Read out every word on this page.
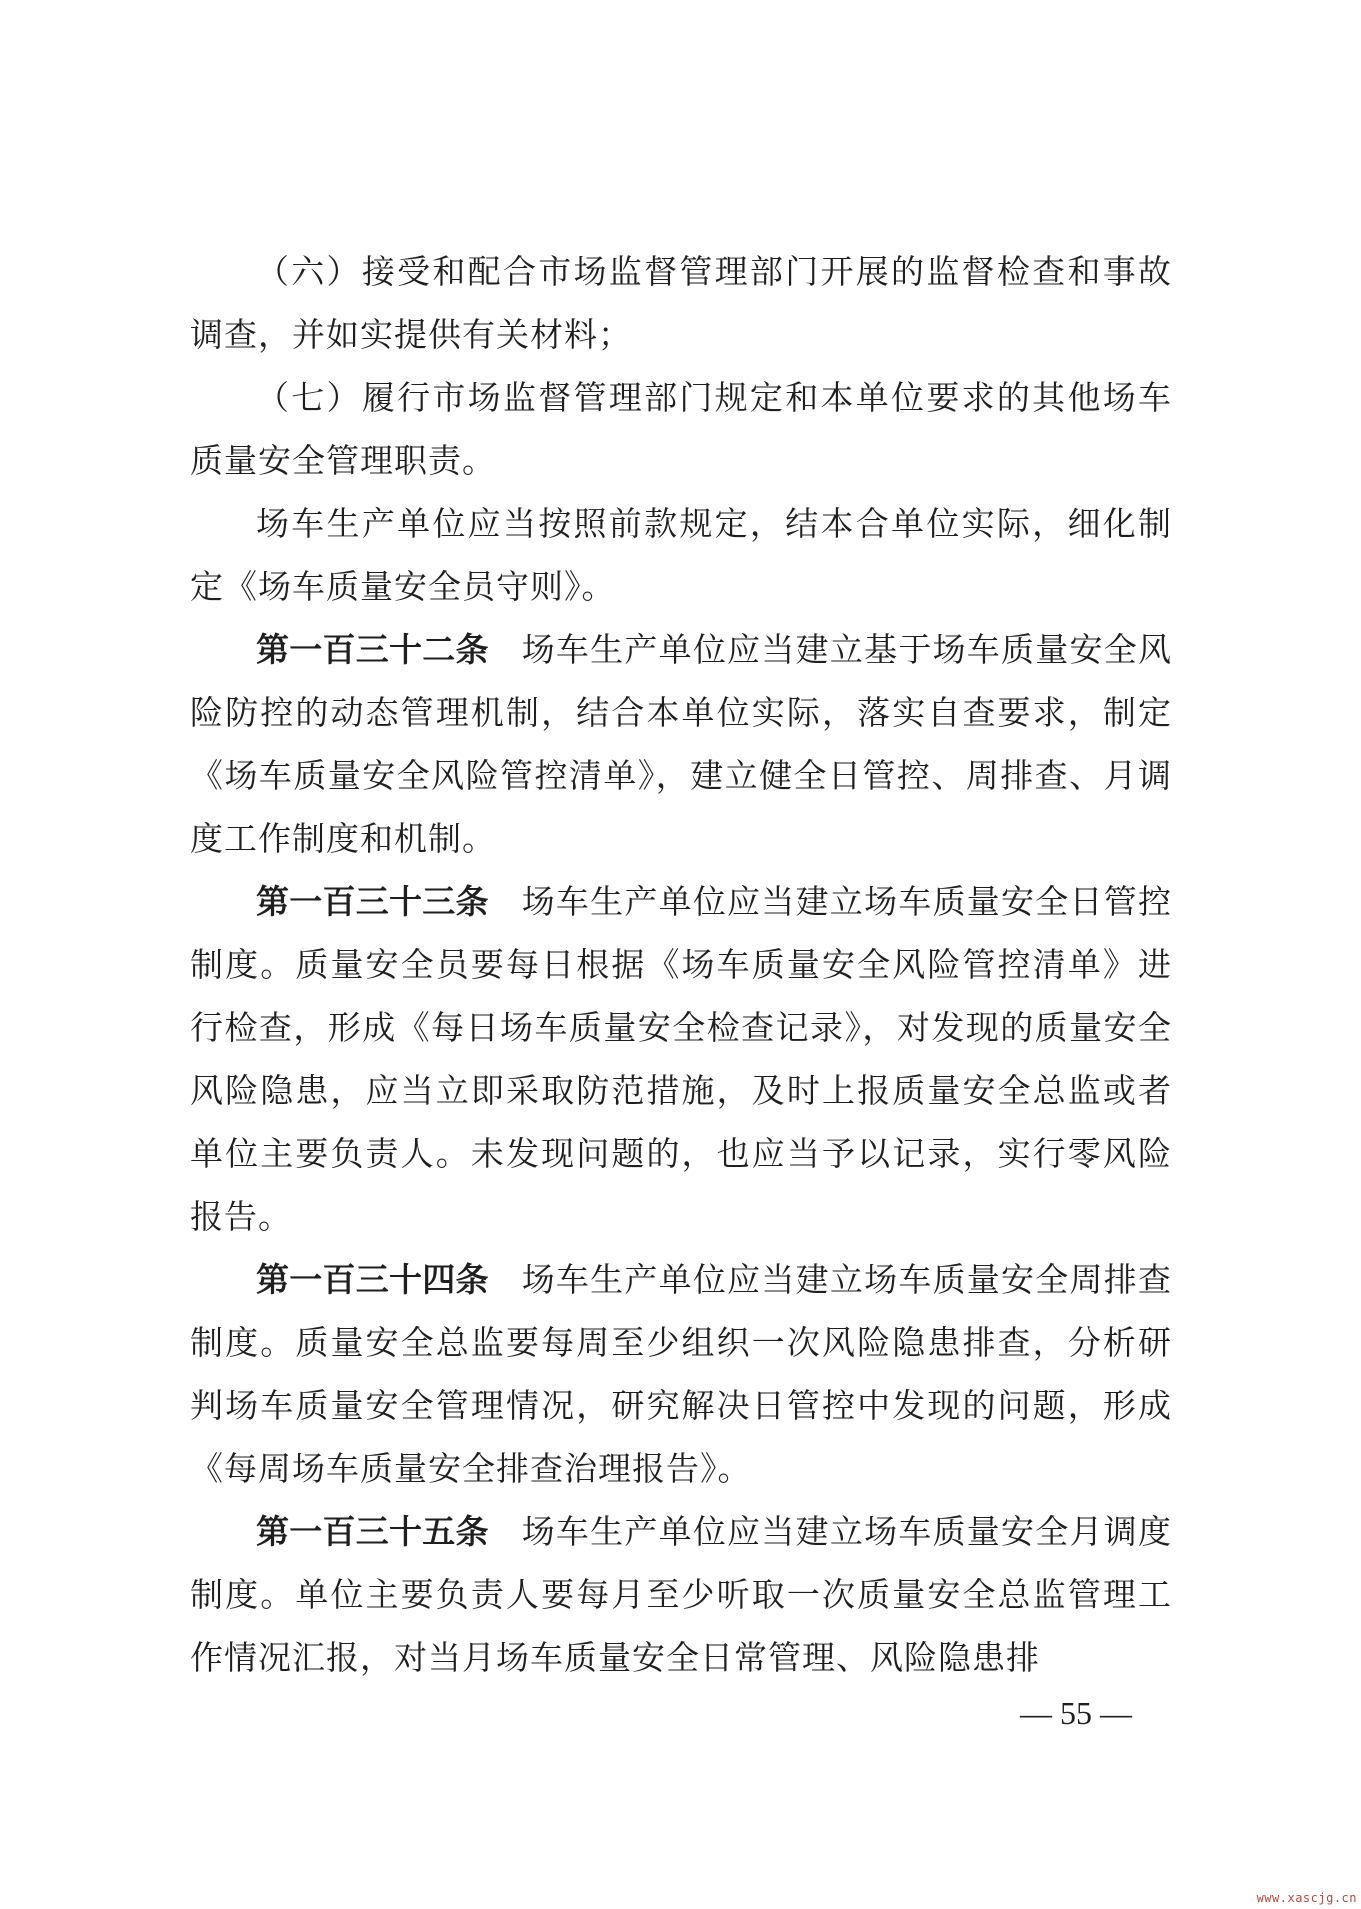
（六）接受和配合市场监督管理部门开展的监督检查和事故调查，并如实提供有关材料；

（七）履行市场监督管理部门规定和本单位要求的其他场车质量安全管理职责。

场车生产单位应当按照前款规定，结本合单位实际，细化制定《场车质量安全员守则》。

第一百三十二条 场车生产单位应当建立基于场车质量安全风险防控的动态管理机制，结合本单位实际，落实自查要求，制定《场车质量安全风险管控清单》，建立健全日管控、周排查、月调度工作制度和机制。

第一百三十三条 场车生产单位应当建立场车质量安全日管控制度。质量安全员要每日根据《场车质量安全风险管控清单》进行检查，形成《每日场车质量安全检查记录》，对发现的质量安全风险隐患，应当立即采取防范措施，及时上报质量安全总监或者单位主要负责人。未发现问题的，也应当予以记录，实行零风险报告。

第一百三十四条 场车生产单位应当建立场车质量安全周排查制度。质量安全总监要每周至少组织一次风险隐患排查，分析研判场车质量安全管理情况，研究解决日管控中发现的问题，形成《每周场车质量安全排查治理报告》。

第一百三十五条 场车生产单位应当建立场车质量安全月调度制度。单位主要负责人要每月至少听取一次质量安全总监管理工作情况汇报，对当月场车质量安全日常管理、风险隐患排

— 55 —
www.xascjg.cn
